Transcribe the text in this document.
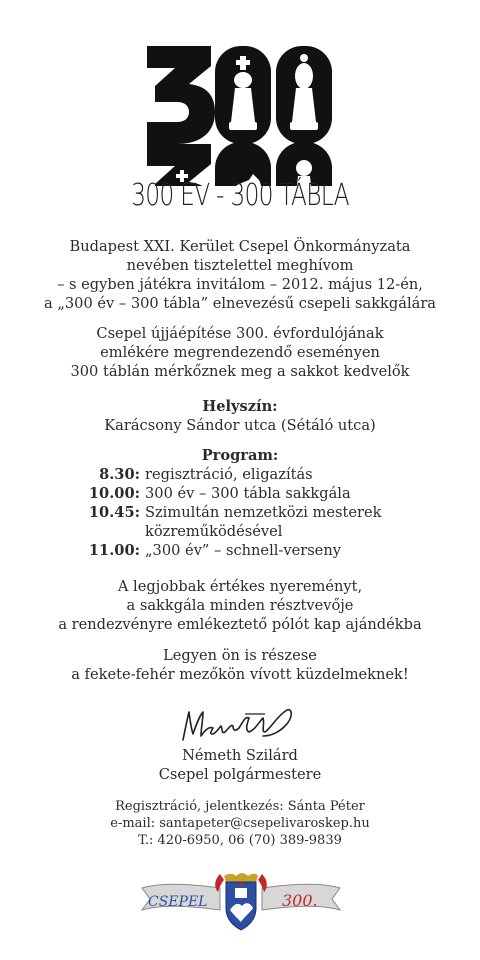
300 ÉV - 300 TÁBLA
Budapest XXI. Kerület Csepel Önkormányzata
nevében tisztelettel meghívom
– s egyben játékra invitálom – 2012. május 12-én,
a „300 év – 300 tábla” elnevezésű csepeli sakkgálára
Csepel újjáépítése 300. évfordulójának
emlékére megrendezendő eseményen
300 táblán mérkőznek meg a sakkot kedvelők
Helyszín:
Karácsony Sándor utca (Sétáló utca)
Program:
8.30: regisztráció, eligazítás
10.00: 300 év – 300 tábla sakkgála
10.45: Szimultán nemzetközi mesterek
közreműködésével
11.00: „300 év” – schnell-verseny
A legjobbak értékes nyereményt,
a sakkgála minden résztvevője
a rendezvényre emlékeztető pólót kap ajándékba
Legyen ön is részese
a fekete-fehér mezőkön vívott küzdelmeknek!
Németh Szilárd
Csepel polgármestere
Regisztráció, jelentkezés: Sánta Péter
e-mail: santapeter@csepelivaroskep.hu
T.: 420-6950, 06 (70) 389-9839
CSEPEL	300.
